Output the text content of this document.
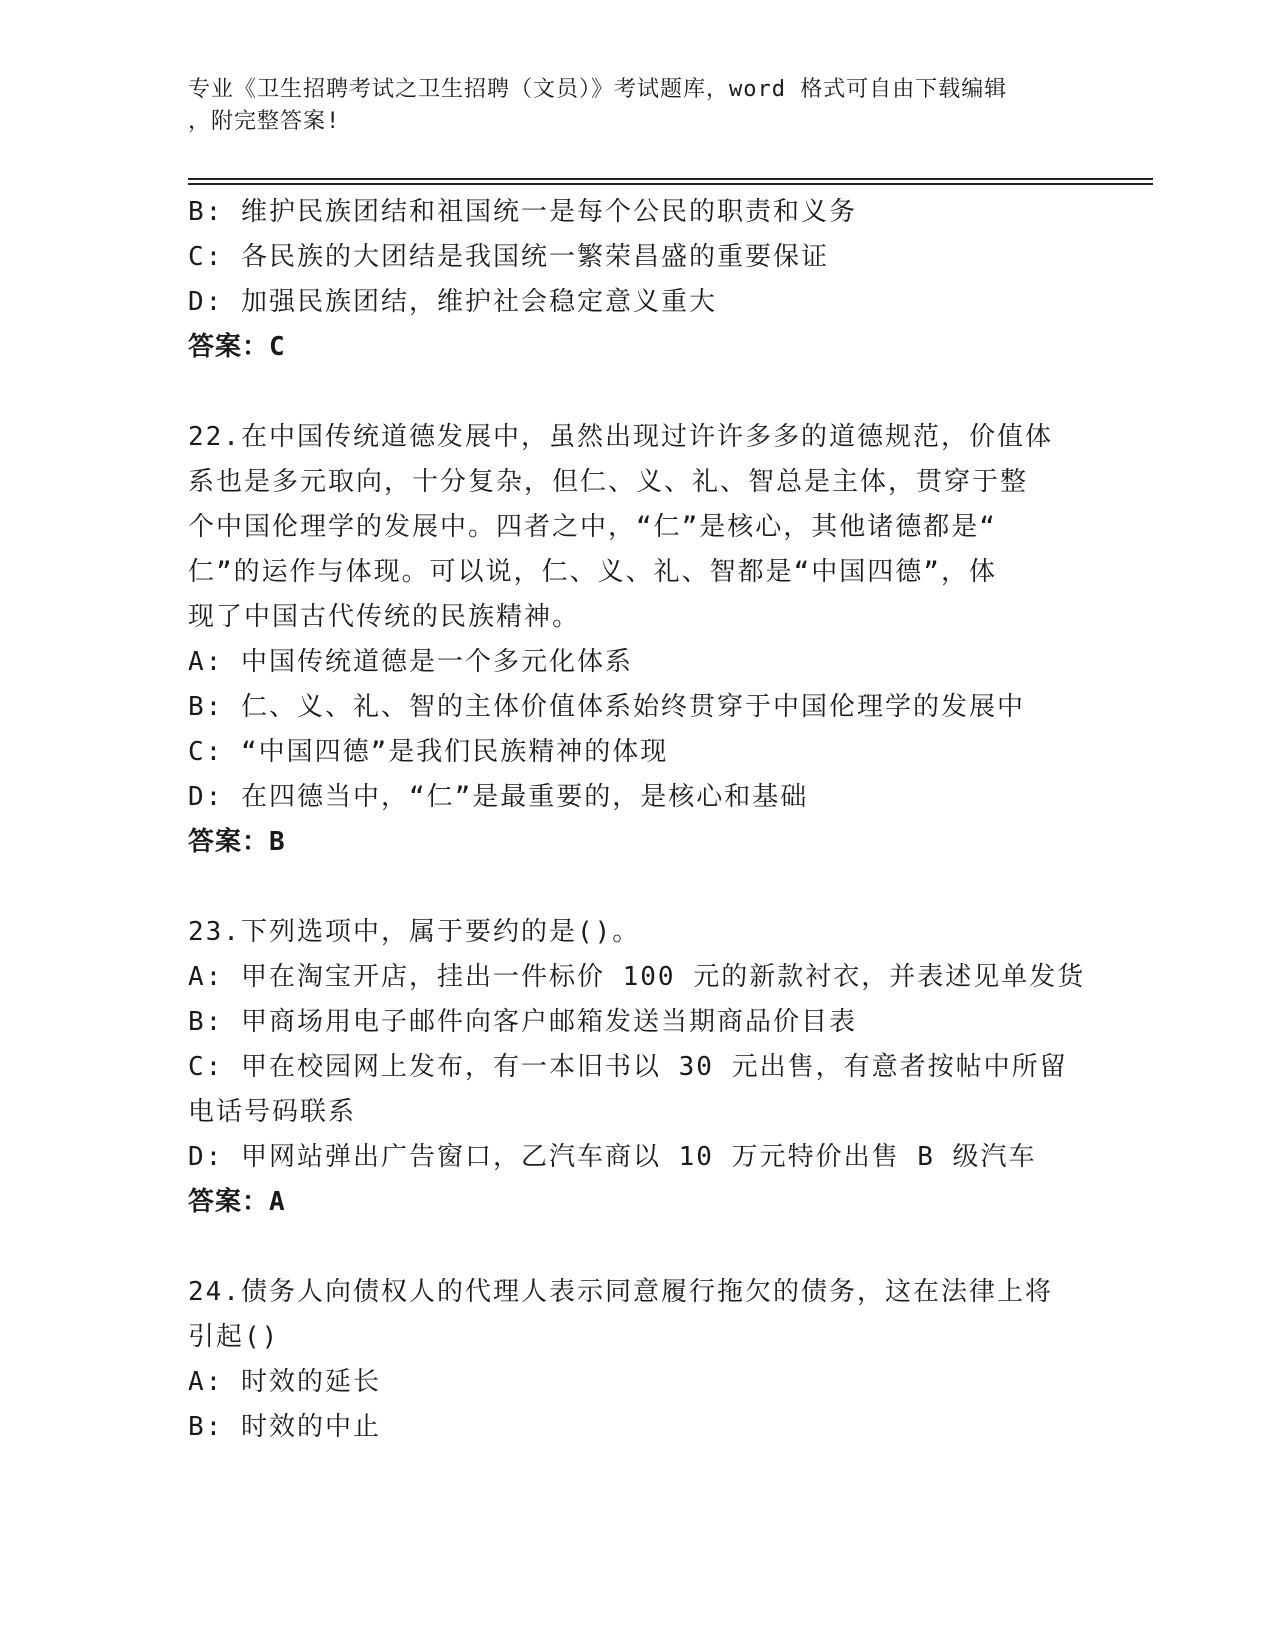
专业《卫生招聘考试之卫生招聘（文员）》考试题库，word 格式可自由下载编辑
，附完整答案!
B: 维护民族团结和祖国统一是每个公民的职责和义务
C: 各民族的大团结是我国统一繁荣昌盛的重要保证
D: 加强民族团结，维护社会稳定意义重大
答案：C
22.在中国传统道德发展中，虽然出现过许许多多的道德规范，价值体
系也是多元取向，十分复杂，但仁、义、礼、智总是主体，贯穿于整
个中国伦理学的发展中。四者之中，“仁”是核心，其他诸德都是“
仁”的运作与体现。可以说，仁、义、礼、智都是“中国四德”，体
现了中国古代传统的民族精神。
A: 中国传统道德是一个多元化体系
B: 仁、义、礼、智的主体价值体系始终贯穿于中国伦理学的发展中
C: “中国四德”是我们民族精神的体现
D: 在四德当中，“仁”是最重要的，是核心和基础
答案：B
23.下列选项中，属于要约的是()。
A: 甲在淘宝开店，挂出一件标价 100 元的新款衬衣，并表述见单发货
B: 甲商场用电子邮件向客户邮箱发送当期商品价目表
C: 甲在校园网上发布，有一本旧书以 30 元出售，有意者按帖中所留
电话号码联系
D: 甲网站弹出广告窗口，乙汽车商以 10 万元特价出售 B 级汽车
答案：A
24.债务人向债权人的代理人表示同意履行拖欠的债务，这在法律上将
引起()
A: 时效的延长
B: 时效的中止
